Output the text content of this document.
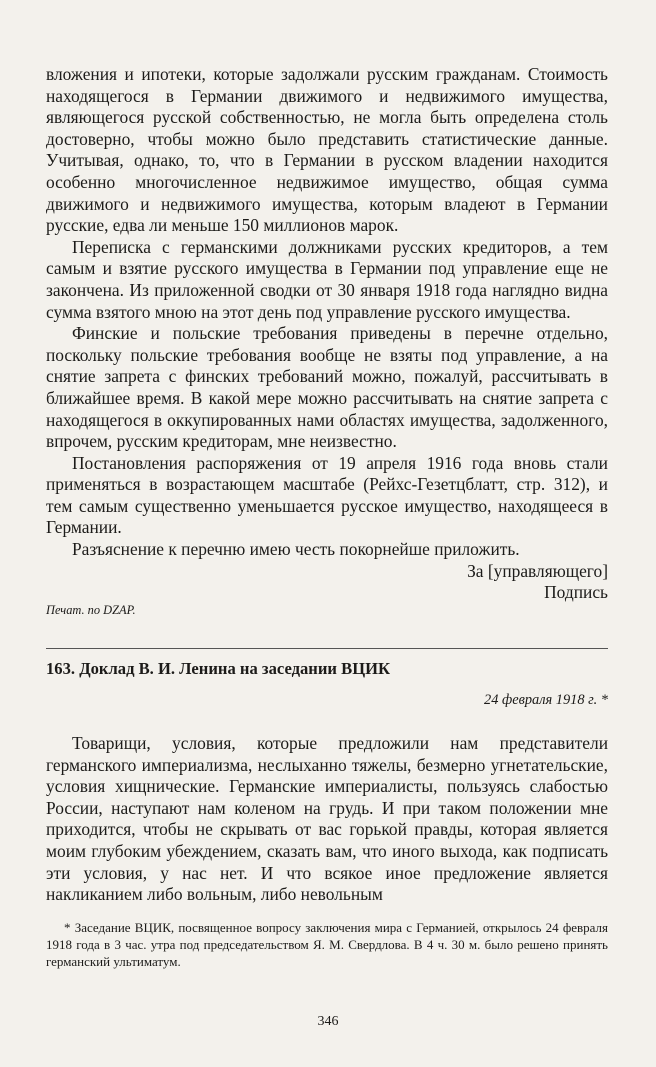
вложения и ипотеки, которые задолжали русским гражданам. Стоимость находящегося в Германии движимого и недвижимого имущества, являющегося русской собственностью, не могла быть определена столь достоверно, чтобы можно было представить статистические данные. Учитывая, однако, то, что в Германии в русском владении находится особенно многочисленное недвижимое имущество, общая сумма движимого и недвижимого имущества, которым владеют в Германии русские, едва ли меньше 150 миллионов марок.

Переписка с германскими должниками русских кредиторов, а тем самым и взятие русского имущества в Германии под управление еще не закончена. Из приложенной сводки от 30 января 1918 года наглядно видна сумма взятого мною на этот день под управление русского имущества.

Финские и польские требования приведены в перечне отдельно, поскольку польские требования вообще не взяты под управление, а на снятие запрета с финских требований можно, пожалуй, рассчитывать в ближайшее время. В какой мере можно рассчитывать на снятие запрета с находящегося в оккупированных нами областях имущества, задолженного, впрочем, русским кредиторам, мне неизвестно.

Постановления распоряжения от 19 апреля 1916 года вновь стали применяться в возрастающем масштабе (Рейхс-Гезетцблатт, стр. 312), и тем самым существенно уменьшается русское имущество, находящееся в Германии.

Разъяснение к перечню имею честь покорнейше приложить.

За [управляющего]
Подпись
Печат. по DZAP.
163. Доклад В. И. Ленина на заседании ВЦИК
24 февраля 1918 г. *

Товарищи, условия, которые предложили нам представители германского империализма, неслыханно тяжелы, безмерно угнетательские, условия хищнические. Германские империалисты, пользуясь слабостью России, наступают нам коленом на грудь. И при таком положении мне приходится, чтобы не скрывать от вас горькой правды, которая является моим глубоким убеждением, сказать вам, что иного выхода, как подписать эти условия, у нас нет. И что всякое иное предложение является накликанием либо вольным, либо невольным

* Заседание ВЦИК, посвященное вопросу заключения мира с Германией, открылось 24 февраля 1918 года в 3 час. утра под председательством Я. М. Свердлова. В 4 ч. 30 м. было решено принять германский ультиматум.
346
